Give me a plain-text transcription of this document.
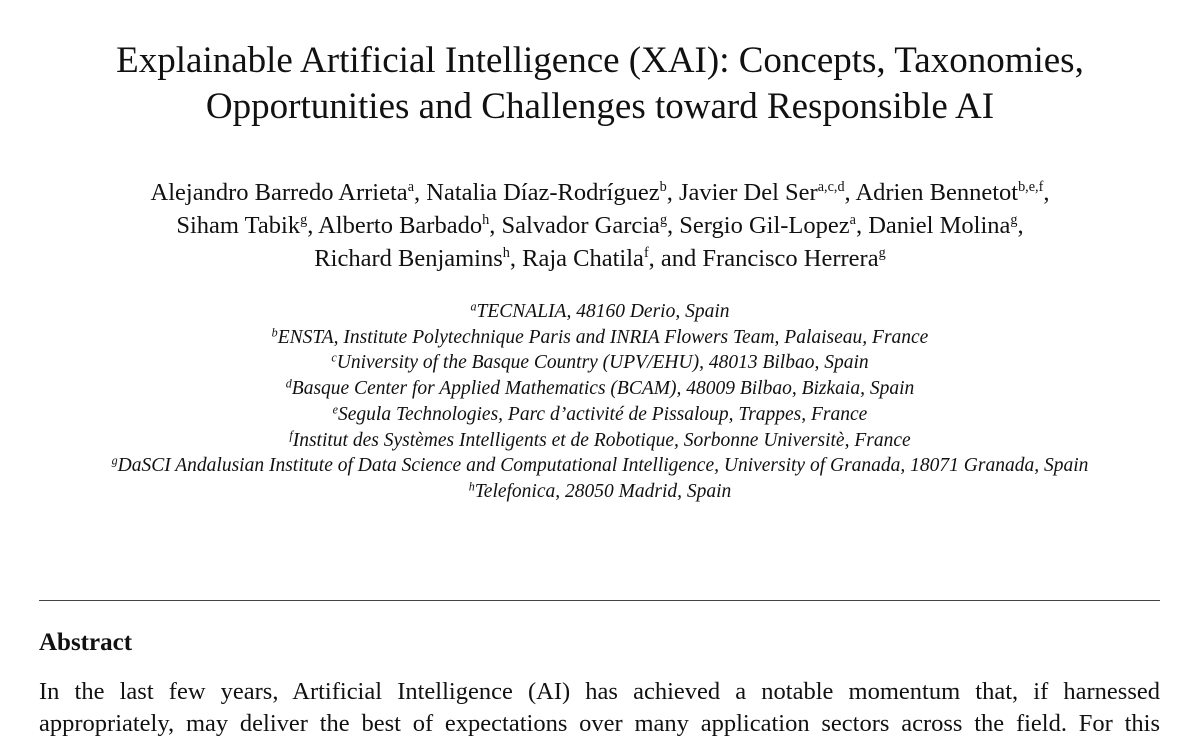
Explainable Artificial Intelligence (XAI): Concepts, Taxonomies,
Opportunities and Challenges toward Responsible AI
Alejandro Barredo Arrieta$^a$, Natalia Díaz-Rodríguez$^b$, Javier Del Ser$^{a,c,d}$, Adrien Bennetot$^{b,e,f}$,
Siham Tabik$^g$, Alberto Barbado$^h$, Salvador Garcia$^g$, Sergio Gil-Lopez$^a$, Daniel Molina$^g$,
Richard Benjamins$^h$, Raja Chatila$^f$, and Francisco Herrera$^g$
$^a$TECNALIA, 48160 Derio, Spain
$^b$ENSTA, Institute Polytechnique Paris and INRIA Flowers Team, Palaiseau, France
$^c$University of the Basque Country (UPV/EHU), 48013 Bilbao, Spain
$^d$Basque Center for Applied Mathematics (BCAM), 48009 Bilbao, Bizkaia, Spain
$^e$Segula Technologies, Parc d’activité de Pissaloup, Trappes, France
$^f$Institut des Systèmes Intelligents et de Robotique, Sorbonne Universitè, France
$^g$DaSCI Andalusian Institute of Data Science and Computational Intelligence, University of Granada, 18071 Granada, Spain
$^h$Telefonica, 28050 Madrid, Spain
Abstract
In the last few years, Artificial Intelligence (AI) has achieved a notable momentum that, if harnessed
appropriately, may deliver the best of expectations over many application sectors across the field. For this
